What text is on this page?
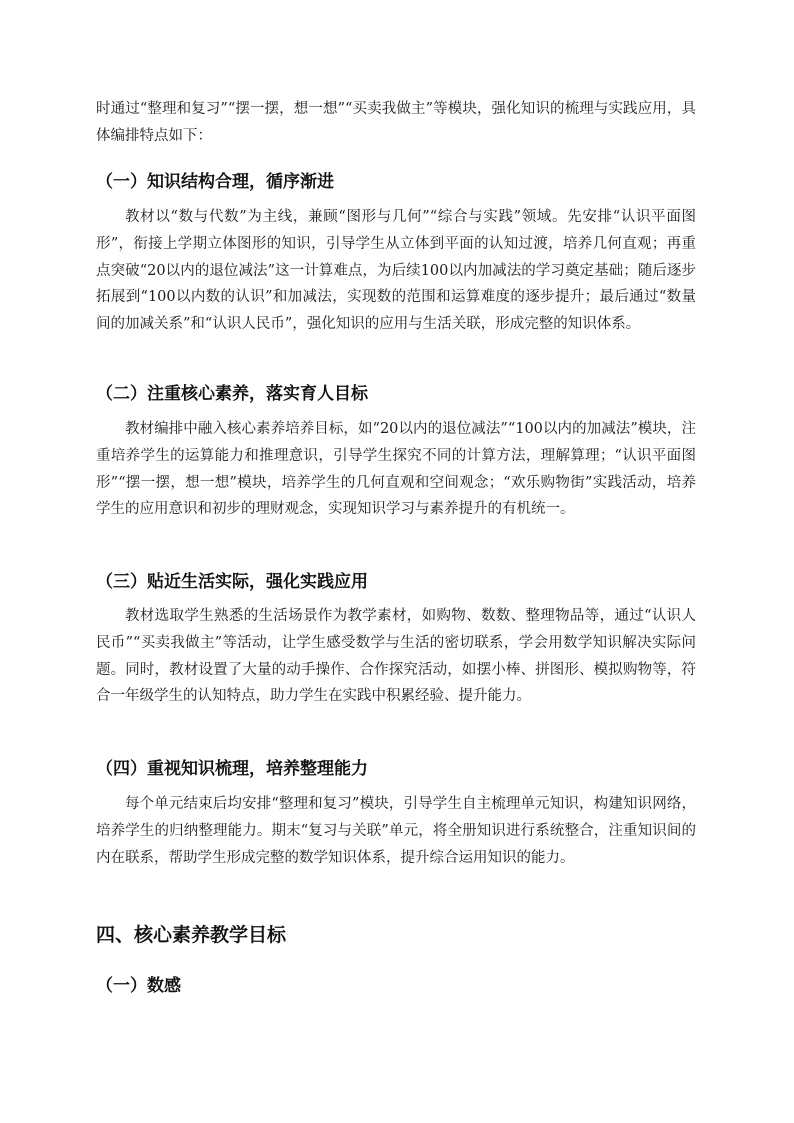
时通过“整理和复习”“摆一摆，想一想”“买卖我做主”等模块，强化知识的梳理与实践应用，具体编排特点如下：
（一）知识结构合理，循序渐进
教材以“数与代数”为主线，兼顾“图形与几何”“综合与实践”领域。先安排“认识平面图形”，衔接上学期立体图形的知识，引导学生从立体到平面的认知过渡，培养几何直观；再重点突破“20以内的退位减法”这一计算难点，为后续100以内加减法的学习奠定基础；随后逐步拓展到“100以内数的认识”和加减法，实现数的范围和运算难度的逐步提升；最后通过“数量间的加减关系”和“认识人民币”，强化知识的应用与生活关联，形成完整的知识体系。
（二）注重核心素养，落实育人目标
教材编排中融入核心素养培养目标，如“20以内的退位减法”“100以内的加减法”模块，注重培养学生的运算能力和推理意识，引导学生探究不同的计算方法，理解算理；“认识平面图形”“摆一摆，想一想”模块，培养学生的几何直观和空间观念；“欢乐购物街”实践活动，培养学生的应用意识和初步的理财观念，实现知识学习与素养提升的有机统一。
（三）贴近生活实际，强化实践应用
教材选取学生熟悉的生活场景作为教学素材，如购物、数数、整理物品等，通过“认识人民币”“买卖我做主”等活动，让学生感受数学与生活的密切联系，学会用数学知识解决实际问题。同时，教材设置了大量的动手操作、合作探究活动，如摆小棒、拼图形、模拟购物等，符合一年级学生的认知特点，助力学生在实践中积累经验、提升能力。
（四）重视知识梳理，培养整理能力
每个单元结束后均安排“整理和复习”模块，引导学生自主梳理单元知识，构建知识网络，培养学生的归纳整理能力。期末“复习与关联”单元，将全册知识进行系统整合，注重知识间的内在联系，帮助学生形成完整的数学知识体系，提升综合运用知识的能力。
四、核心素养教学目标
（一）数感
